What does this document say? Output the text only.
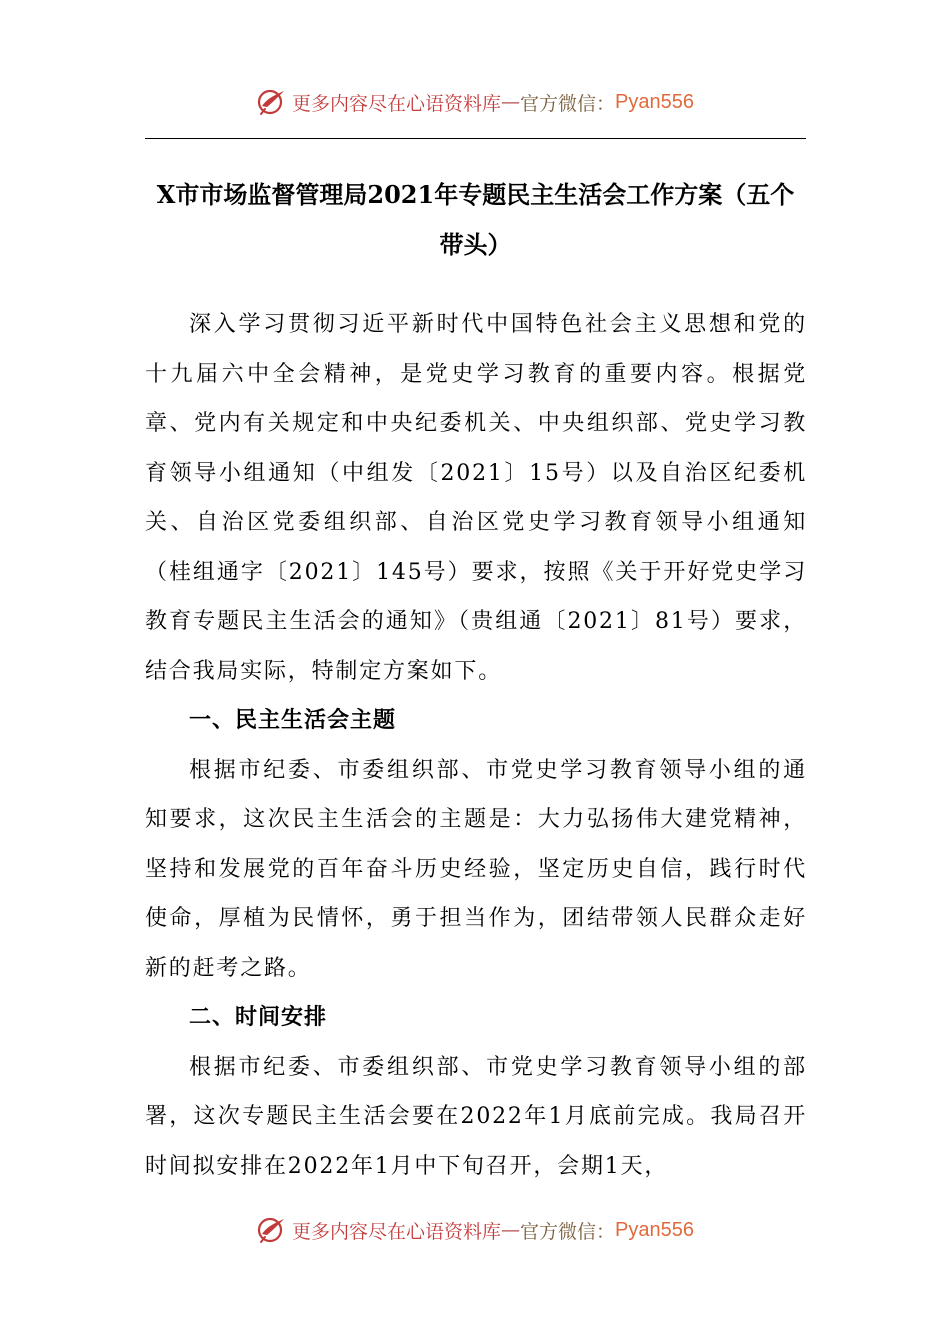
更多内容尽在心语资料库 — 官方微信： Pyan556
X市市场监督管理局2021年专题民主生活会工作方案（五个带头）

深入学习贯彻习近平新时代中国特色社会主义思想和党的十九届六中全会精神，是党史学习教育的重要内容。根据党章、党内有关规定和中央纪委机关、中央组织部、党史学习教育领导小组通知（中组发〔2021〕15号）以及自治区纪委机关、自治区党委组织部、自治区党史学习教育领导小组通知（桂组通字〔2021〕145号）要求，按照《关于开好党史学习教育专题民主生活会的通知》（贵组通〔2021〕81号）要求，结合我局实际，特制定方案如下。

一、民主生活会主题

根据市纪委、市委组织部、市党史学习教育领导小组的通知要求，这次民主生活会的主题是：大力弘扬伟大建党精神，坚持和发展党的百年奋斗历史经验，坚定历史自信，践行时代使命，厚植为民情怀，勇于担当作为，团结带领人民群众走好新的赶考之路。

二、时间安排

根据市纪委、市委组织部、市党史学习教育领导小组的部署，这次专题民主生活会要在2022年1月底前完成。我局召开时间拟安排在2022年1月中下旬召开，会期1天，

更多内容尽在心语资料库 — 官方微信： Pyan556
